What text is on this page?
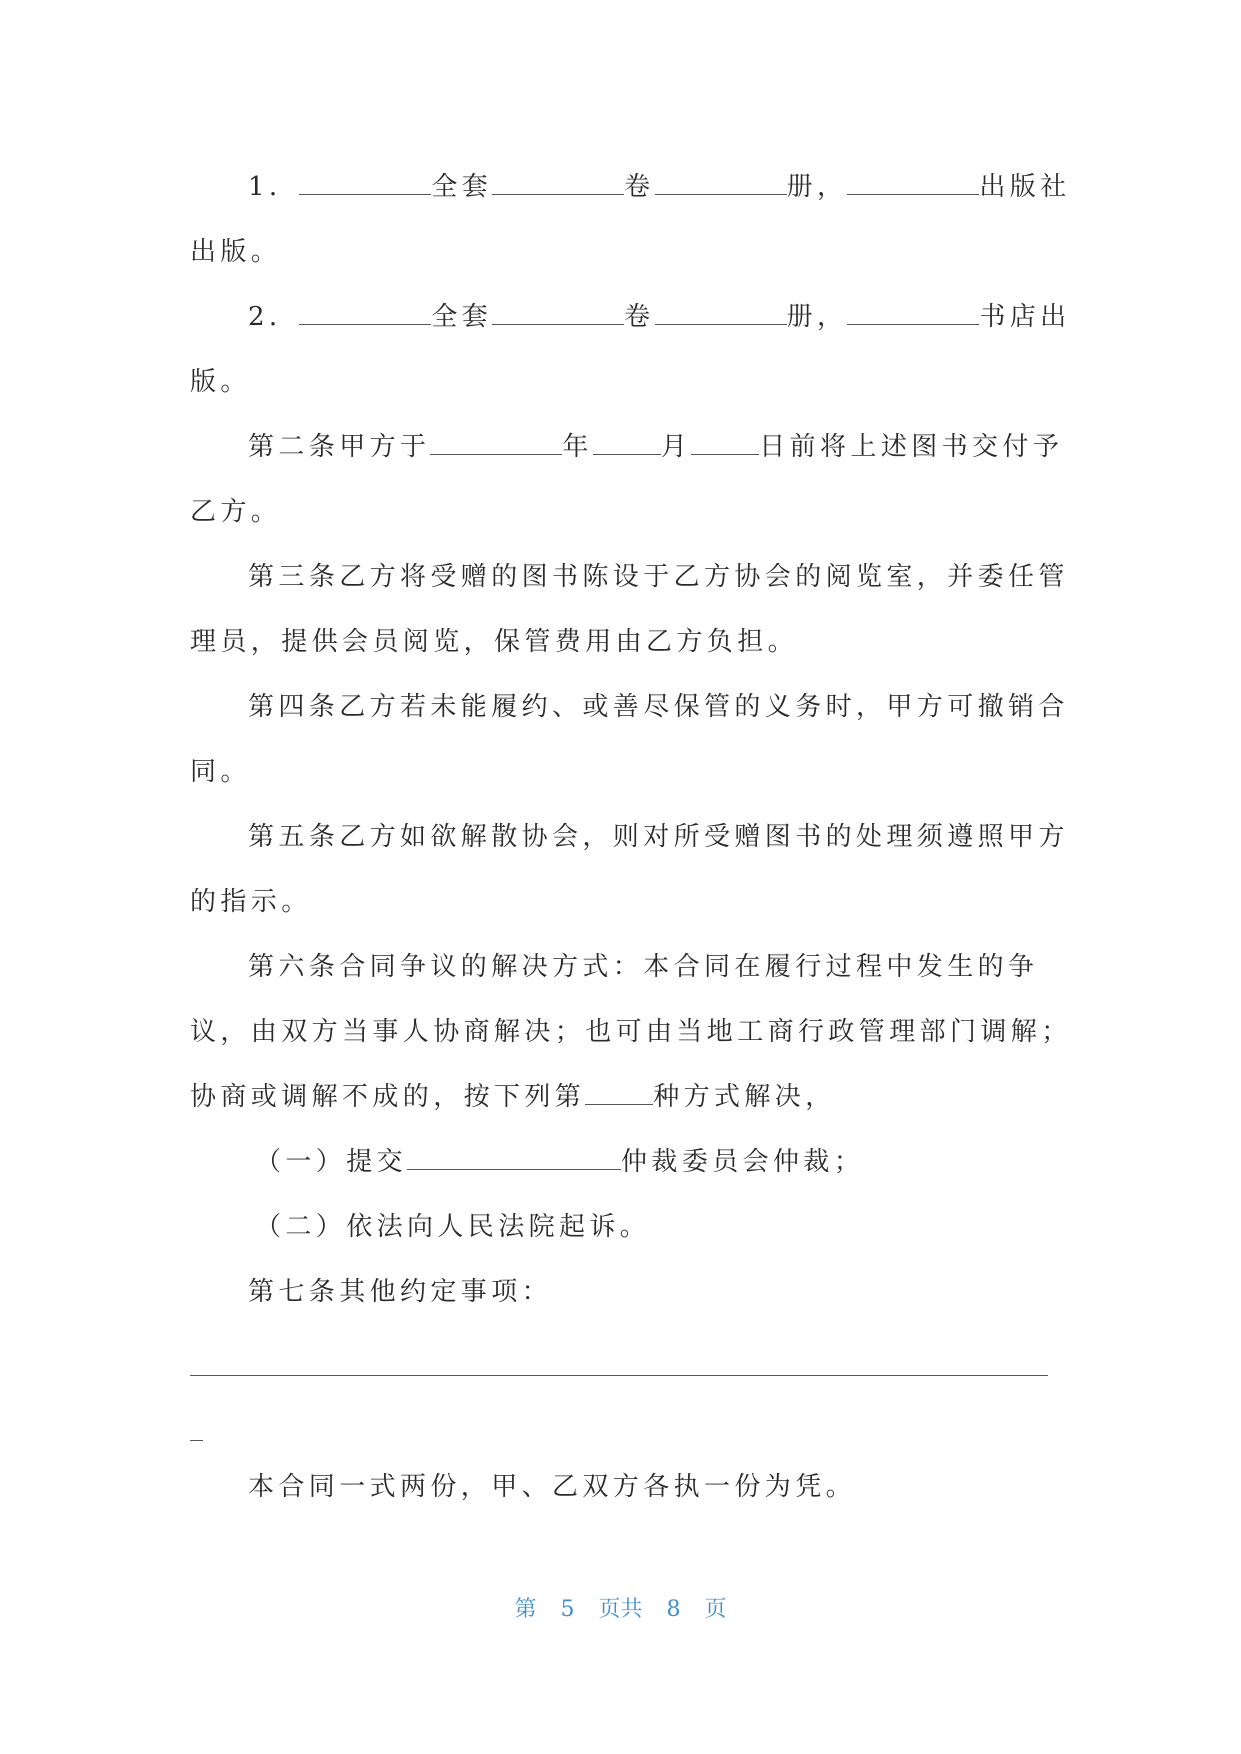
1．	全套	卷	册，	出版社
出版。
2．	全套	卷	册，	书店出
版。
第二条甲方于	年	月	日前将上述图书交付予
乙方。
第三条乙方将受赠的图书陈设于乙方协会的阅览室，并委任管
理员，提供会员阅览，保管费用由乙方负担。
第四条乙方若未能履约、或善尽保管的义务时，甲方可撤销合
同。
第五条乙方如欲解散协会，则对所受赠图书的处理须遵照甲方
的指示。
第六条合同争议的解决方式：本合同在履行过程中发生的争
议，由双方当事人协商解决；也可由当地工商行政管理部门调解；
协商或调解不成的，按下列第	种方式解决，
（一）提交	仲裁委员会仲裁；
（二）依法向人民法院起诉。
第七条其他约定事项：
本合同一式两份，甲、乙双方各执一份为凭。
第 5 页共 8 页
